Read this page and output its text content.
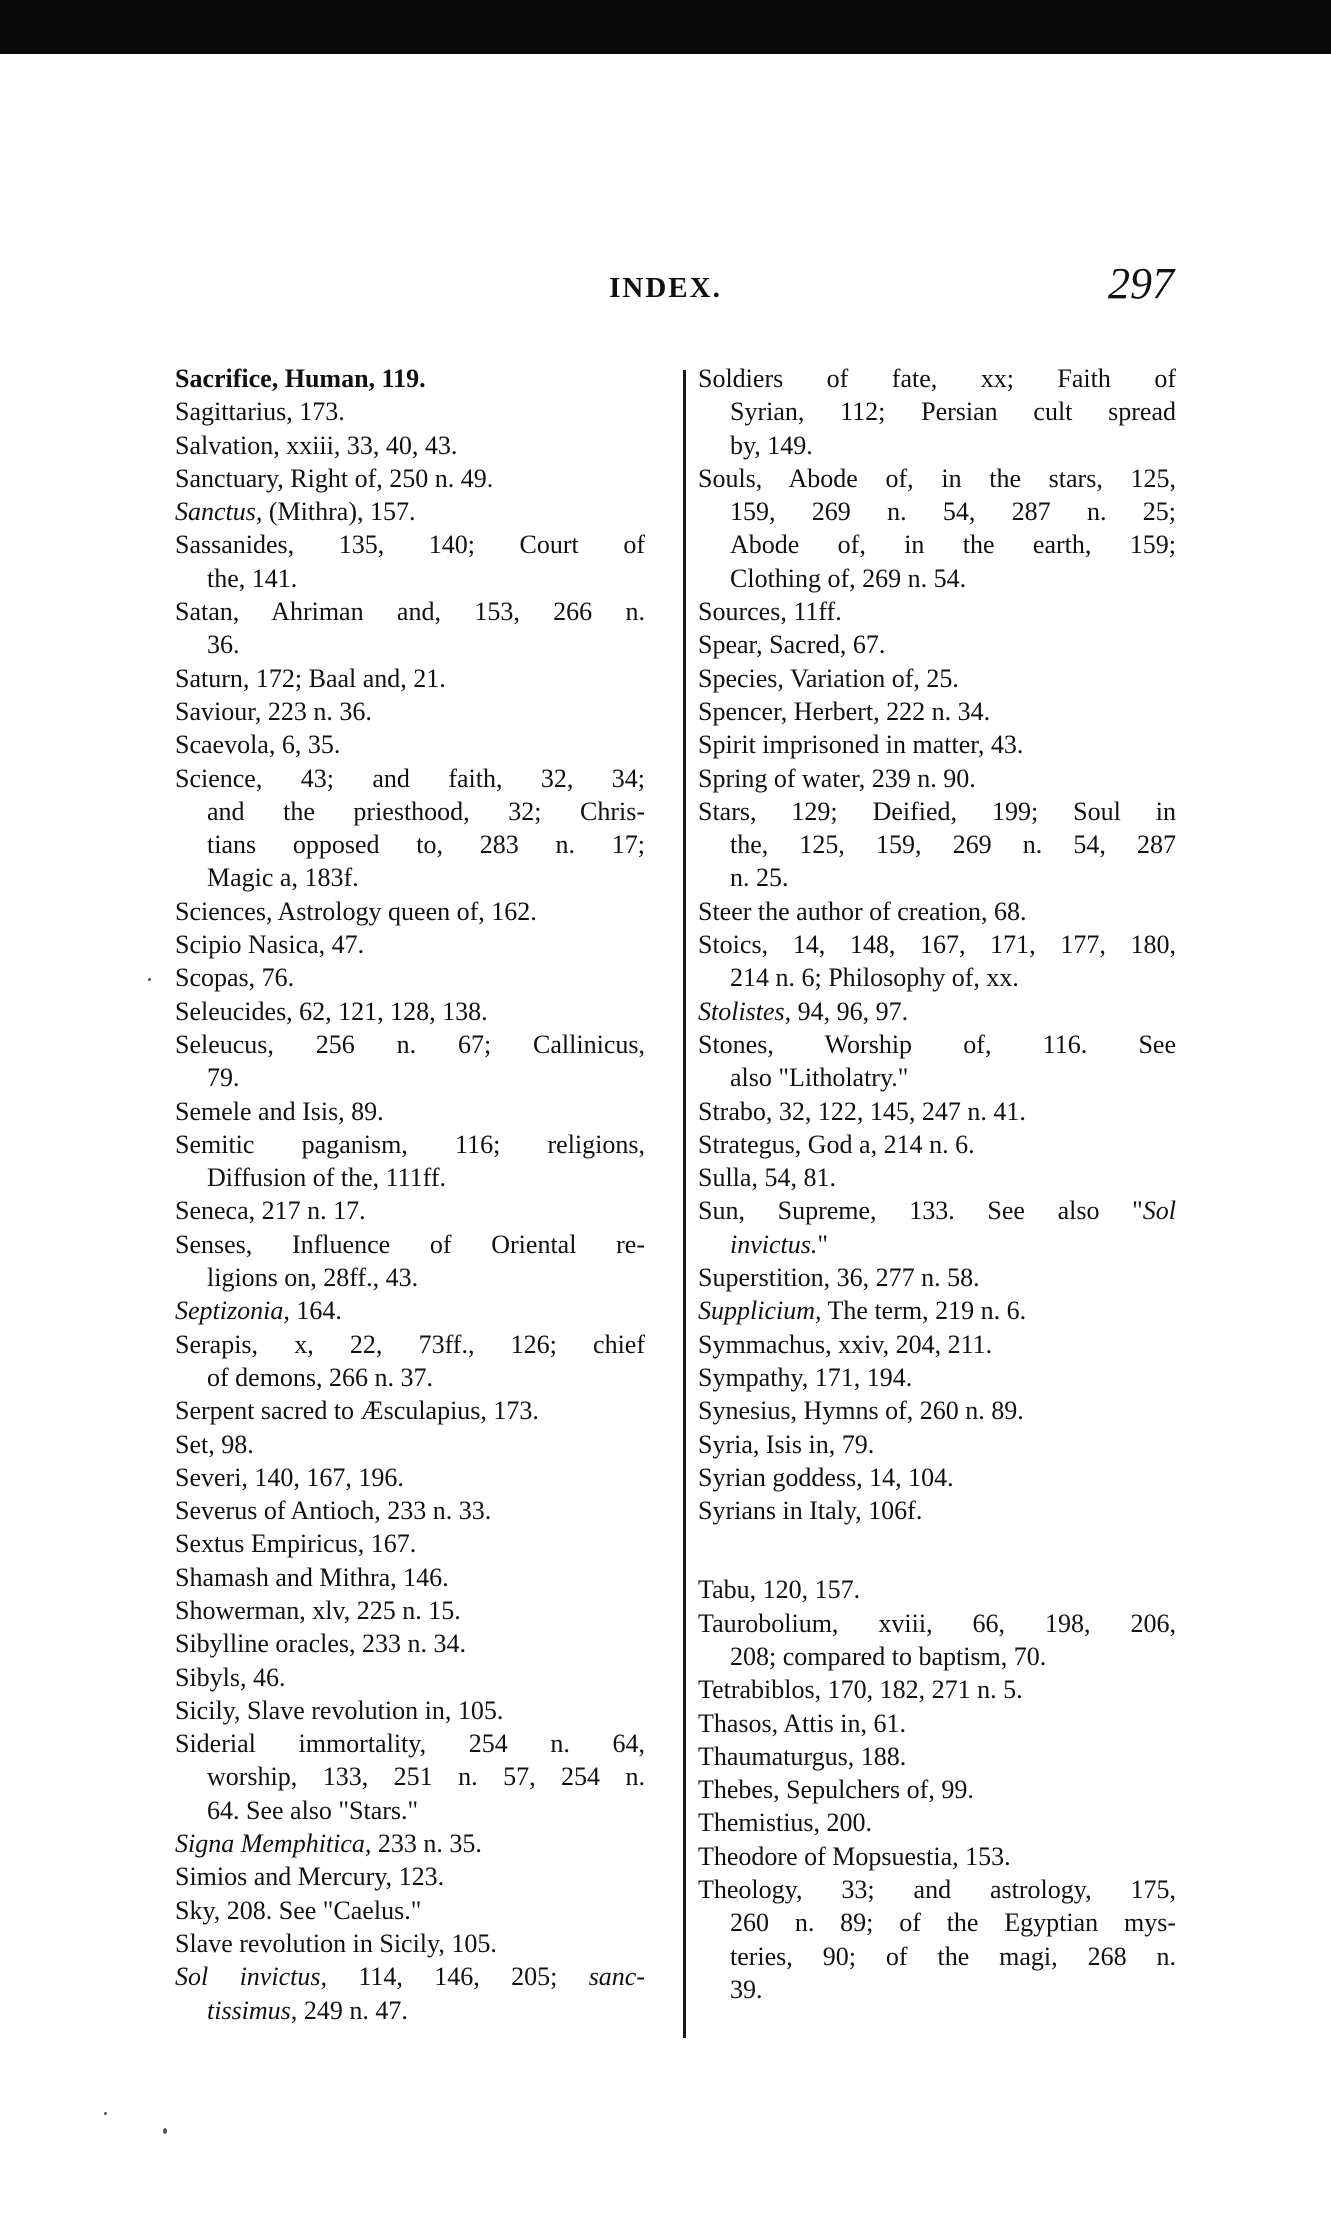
INDEX.	297
Sacrifice, Human, 119.
Sagittarius, 173.
Salvation, xxiii, 33, 40, 43.
Sanctuary, Right of, 250 n. 49.
Sanctus, (Mithra), 157.
Sassanides, 135, 140; Court of
the, 141.
Satan, Ahriman and, 153, 266 n.
36.
Saturn, 172; Baal and, 21.
Saviour, 223 n. 36.
Scaevola, 6, 35.
Science, 43; and faith, 32, 34;
and the priesthood, 32; Chris-
tians opposed to, 283 n. 17;
Magic a, 183f.
Sciences, Astrology queen of, 162.
Scipio Nasica, 47.
Scopas, 76.
Seleucides, 62, 121, 128, 138.
Seleucus, 256 n. 67; Callinicus,
79.
Semele and Isis, 89.
Semitic paganism, 116; religions,
Diffusion of the, 111ff.
Seneca, 217 n. 17.
Senses, Influence of Oriental re-
ligions on, 28ff., 43.
Septizonia, 164.
Serapis, x, 22, 73ff., 126; chief
of demons, 266 n. 37.
Serpent sacred to Æsculapius, 173.
Set, 98.
Severi, 140, 167, 196.
Severus of Antioch, 233 n. 33.
Sextus Empiricus, 167.
Shamash and Mithra, 146.
Showerman, xlv, 225 n. 15.
Sibylline oracles, 233 n. 34.
Sibyls, 46.
Sicily, Slave revolution in, 105.
Siderial immortality, 254 n. 64,
worship, 133, 251 n. 57, 254 n.
64. See also "Stars."
Signa Memphitica, 233 n. 35.
Simios and Mercury, 123.
Sky, 208. See "Caelus."
Slave revolution in Sicily, 105.
Sol invictus, 114, 146, 205; sanc-
tissimus, 249 n. 47.
Soldiers of fate, xx; Faith of
Syrian, 112; Persian cult spread
by, 149.
Souls, Abode of, in the stars, 125,
159, 269 n. 54, 287 n. 25;
Abode of, in the earth, 159;
Clothing of, 269 n. 54.
Sources, 11ff.
Spear, Sacred, 67.
Species, Variation of, 25.
Spencer, Herbert, 222 n. 34.
Spirit imprisoned in matter, 43.
Spring of water, 239 n. 90.
Stars, 129; Deified, 199; Soul in
the, 125, 159, 269 n. 54, 287
n. 25.
Steer the author of creation, 68.
Stoics, 14, 148, 167, 171, 177, 180,
214 n. 6; Philosophy of, xx.
Stolistes, 94, 96, 97.
Stones, Worship of, 116. See
also "Litholatry."
Strabo, 32, 122, 145, 247 n. 41.
Strategus, God a, 214 n. 6.
Sulla, 54, 81.
Sun, Supreme, 133. See also "Sol
invictus."
Superstition, 36, 277 n. 58.
Supplicium, The term, 219 n. 6.
Symmachus, xxiv, 204, 211.
Sympathy, 171, 194.
Synesius, Hymns of, 260 n. 89.
Syria, Isis in, 79.
Syrian goddess, 14, 104.
Syrians in Italy, 106f.
Tabu, 120, 157.
Taurobolium, xviii, 66, 198, 206,
208; compared to baptism, 70.
Tetrabiblos, 170, 182, 271 n. 5.
Thasos, Attis in, 61.
Thaumaturgus, 188.
Thebes, Sepulchers of, 99.
Themistius, 200.
Theodore of Mopsuestia, 153.
Theology, 33; and astrology, 175,
260 n. 89; of the Egyptian mys-
teries, 90; of the magi, 268 n.
39.
